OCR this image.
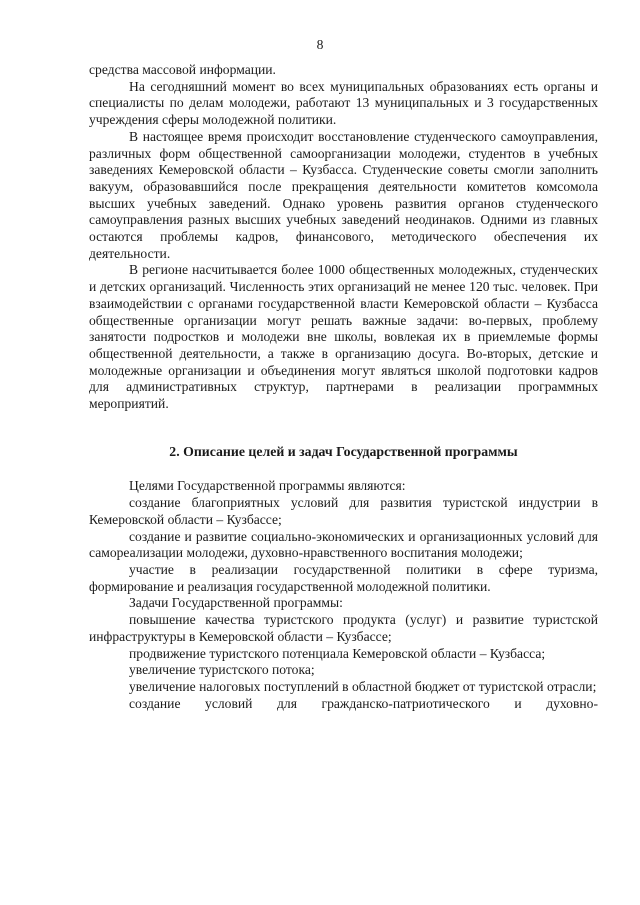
8

средства массовой информации.

На сегодняшний момент во всех муниципальных образованиях есть органы и специалисты по делам молодежи, работают 13 муниципальных и 3 государственных учреждения сферы молодежной политики.

В настоящее время происходит восстановление студенческого самоуправления, различных форм общественной самоорганизации молодежи, студентов в учебных заведениях Кемеровской области – Кузбасса. Студенческие советы смогли заполнить вакуум, образовавшийся после прекращения деятельности комитетов комсомола высших учебных заведений. Однако уровень развития органов студенческого самоуправления разных высших учебных заведений неодинаков. Одними из главных остаются проблемы кадров, финансового, методического обеспечения их деятельности.

В регионе насчитывается более 1000 общественных молодежных, студенческих и детских организаций. Численность этих организаций не менее 120 тыс. человек. При взаимодействии с органами государственной власти Кемеровской области – Кузбасса общественные организации могут решать важные задачи: во-первых, проблему занятости подростков и молодежи вне школы, вовлекая их в приемлемые формы общественной деятельности, а также в организацию досуга. Во-вторых, детские и молодежные организации и объединения могут являться школой подготовки кадров для административных структур, партнерами в реализации программных мероприятий.

2. Описание целей и задач Государственной программы

Целями Государственной программы являются:

создание благоприятных условий для развития туристской индустрии в Кемеровской области – Кузбассе;

создание и развитие социально-экономических и организационных условий для самореализации молодежи, духовно-нравственного воспитания молодежи;

участие в реализации государственной политики в сфере туризма, формирование и реализация государственной молодежной политики.

Задачи Государственной программы:

повышение качества туристского продукта (услуг) и развитие туристской инфраструктуры в Кемеровской области – Кузбассе;

продвижение туристского потенциала Кемеровской области – Кузбасса;

увеличение туристского потока;

увеличение налоговых поступлений в областной бюджет от туристской отрасли;

создание условий для гражданско-патриотического и духовно-
